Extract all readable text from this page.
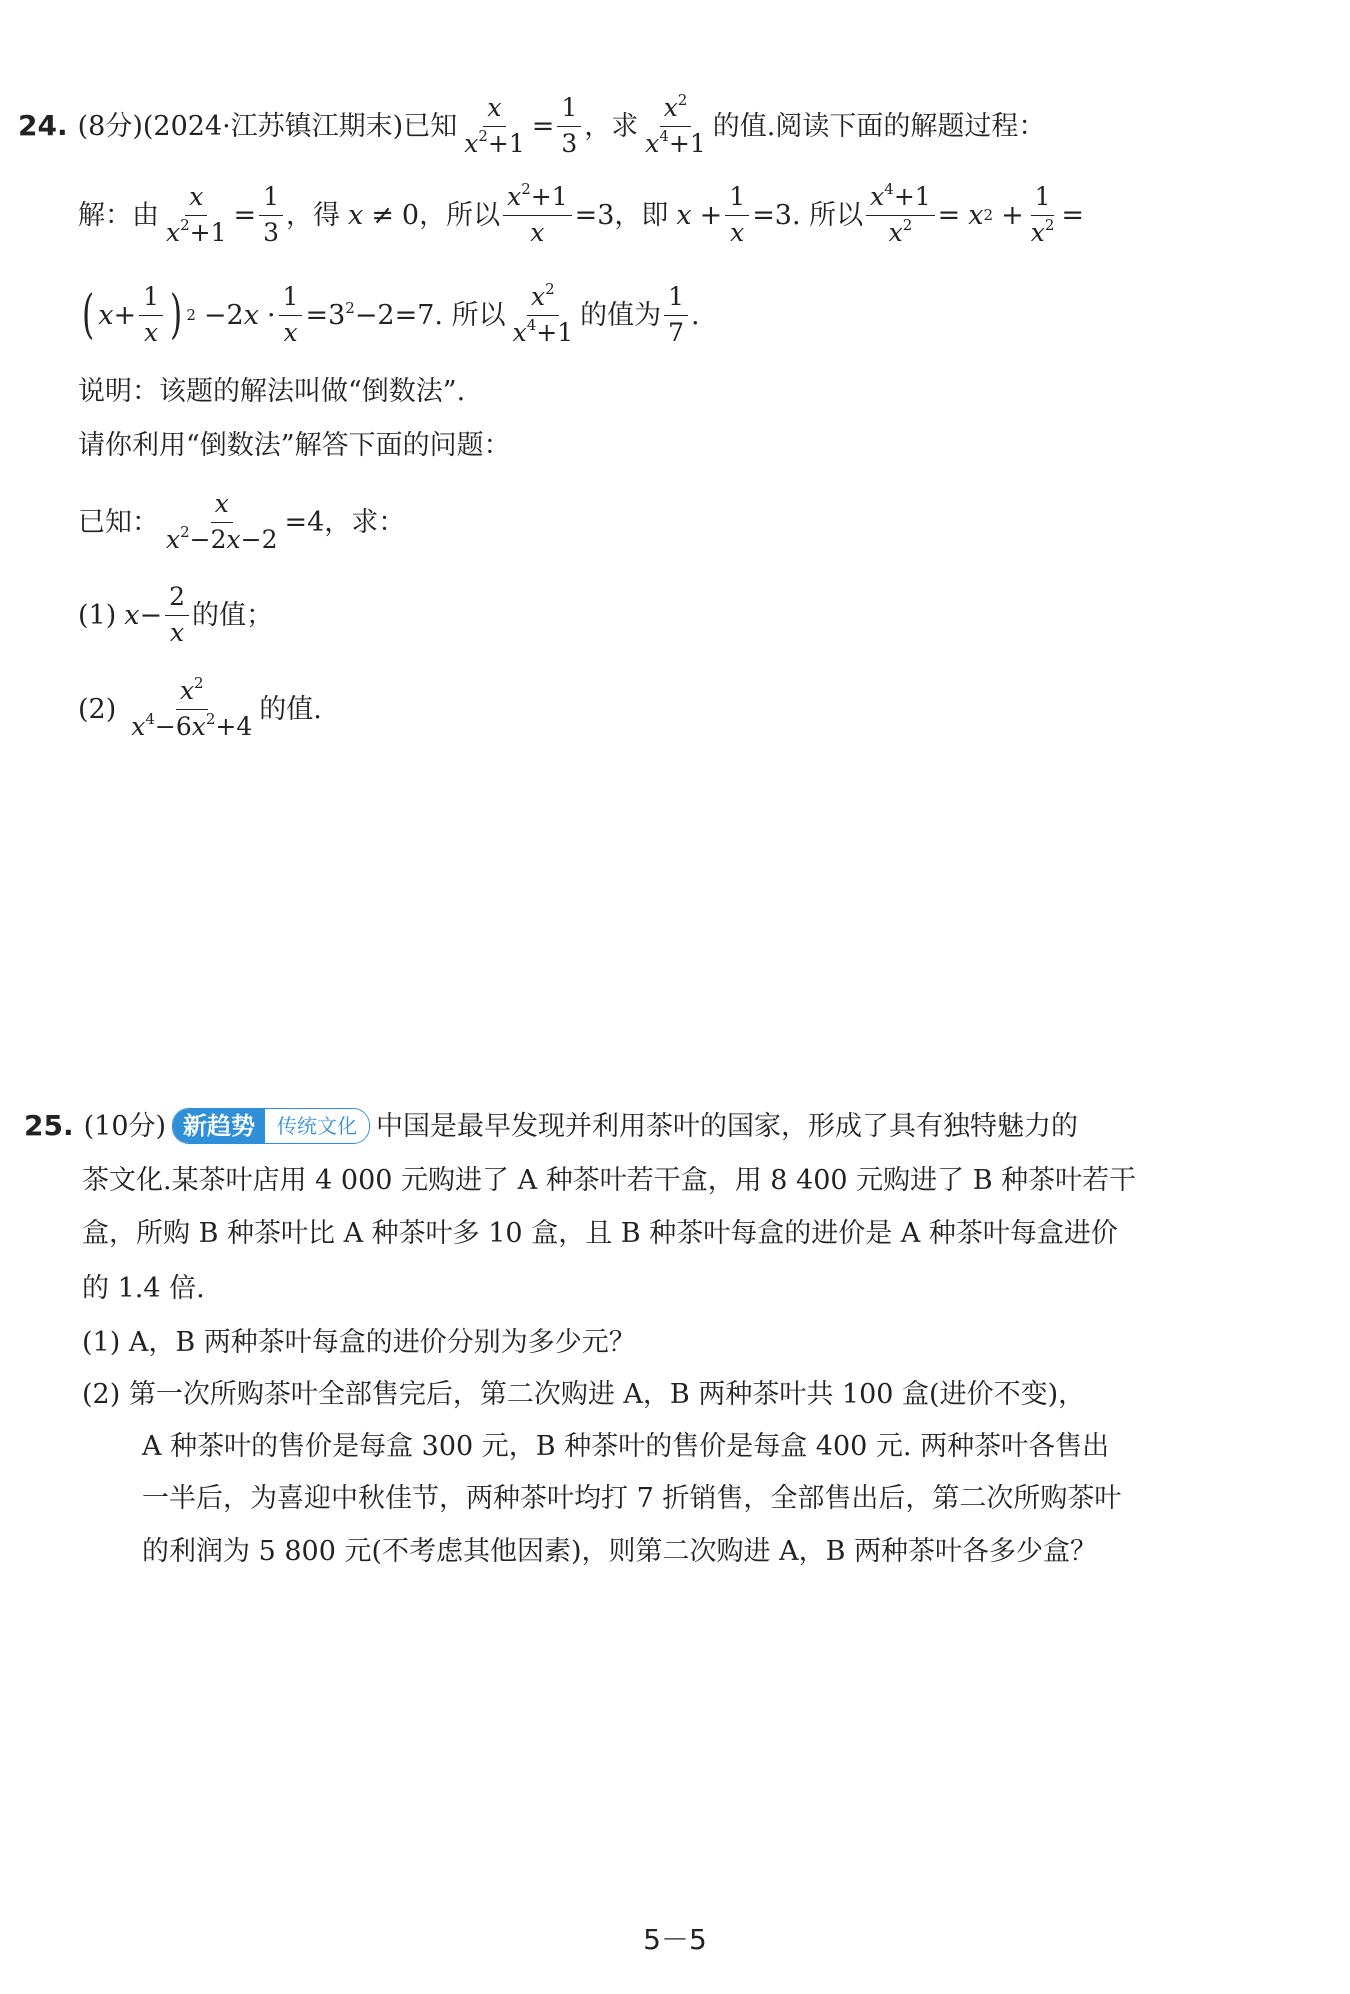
24. (8分)(2024·江苏镇江期末)已知 $\frac{x}{x^2+1} = \frac{1}{3}$ ，求 $\frac{x^2}{x^4+1}$ 的值.阅读下面的解题过程：
解：由 $\frac{x}{x^2+1} = \frac{1}{3}$ ，得 x ≠ 0 ，所以 $\frac{x^2+1}{x} =3$，即 $x + \frac{1}{x} =3$. 所以 $\frac{x^4+1}{x^2} = x$ $2 + \frac{1}{x^2}$ =
( $x + \frac{1}{x}$ ) 2 −2 $x \cdot \frac{1}{x} =3^2-2 =7$. 所以 $\frac{x^2}{x^4+1}$ 的值为 $\frac{1}{7}$ .
说明：该题的解法叫做“倒数法”.
请你利用“倒数法”解答下面的问题：
已知： $\frac{x}{x^2-2x-2} =4$，求：
(1) $x - \frac{2}{x}$ 的值；
$(2) \frac{x^2}{x^4-6x^2+4}$ 的值.
25. (10分) 新趋势	传统文化 中国是最早发现并利用茶叶的国家，形成了具有独特魅力的
茶文化.某茶叶店用 4 000 元购进了 A 种茶叶若干盒，用 8 400 元购进了 B 种茶叶若干
盒，所购 B 种茶叶比 A 种茶叶多 10 盒，且 B 种茶叶每盒的进价是 A 种茶叶每盒进价
的 1.4 倍.
(1) A，B 两种茶叶每盒的进价分别为多少元？
(2) 第一次所购茶叶全部售完后，第二次购进 A，B 两种茶叶共 100 盒(进价不变)，
A 种茶叶的售价是每盒 300 元，B 种茶叶的售价是每盒 400 元. 两种茶叶各售出
一半后，为喜迎中秋佳节，两种茶叶均打 7 折销售，全部售出后，第二次所购茶叶
的利润为 5 800 元(不考虑其他因素)，则第二次购进 A，B 两种茶叶各多少盒？
5－5
